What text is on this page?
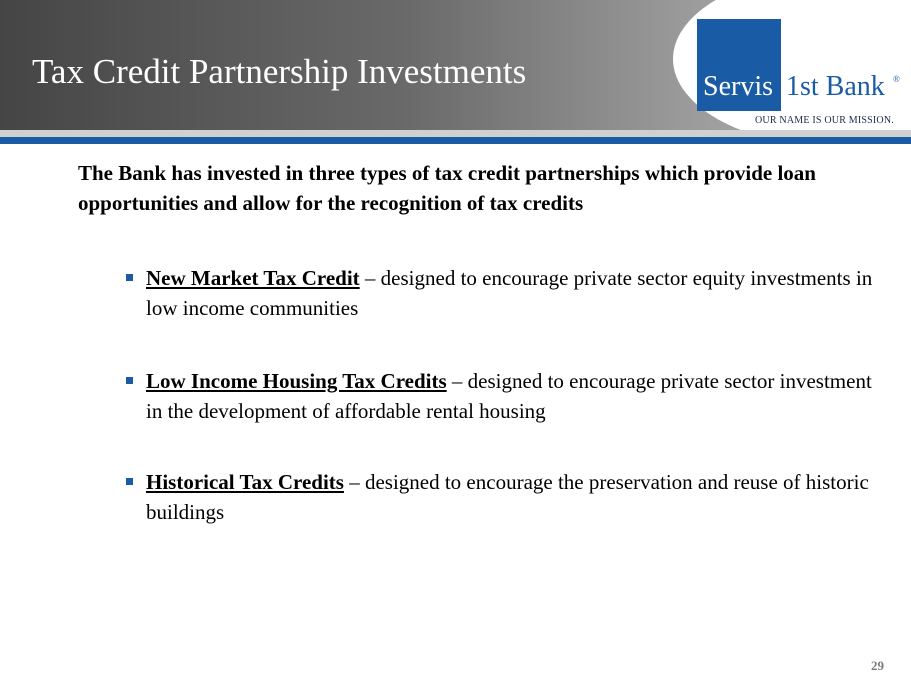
Tax Credit Partnership Investments	Servis 1st Bank ®
OUR NAME IS OUR MISSION.

The Bank has invested in three types of tax credit partnerships which provide loan opportunities and allow for the recognition of tax credits

New Market Tax Credit – designed to encourage private sector equity investments in low income communities

Low Income Housing Tax Credits – designed to encourage private sector investment in the development of affordable rental housing

Historical Tax Credits – designed to encourage the preservation and reuse of historic buildings

29
